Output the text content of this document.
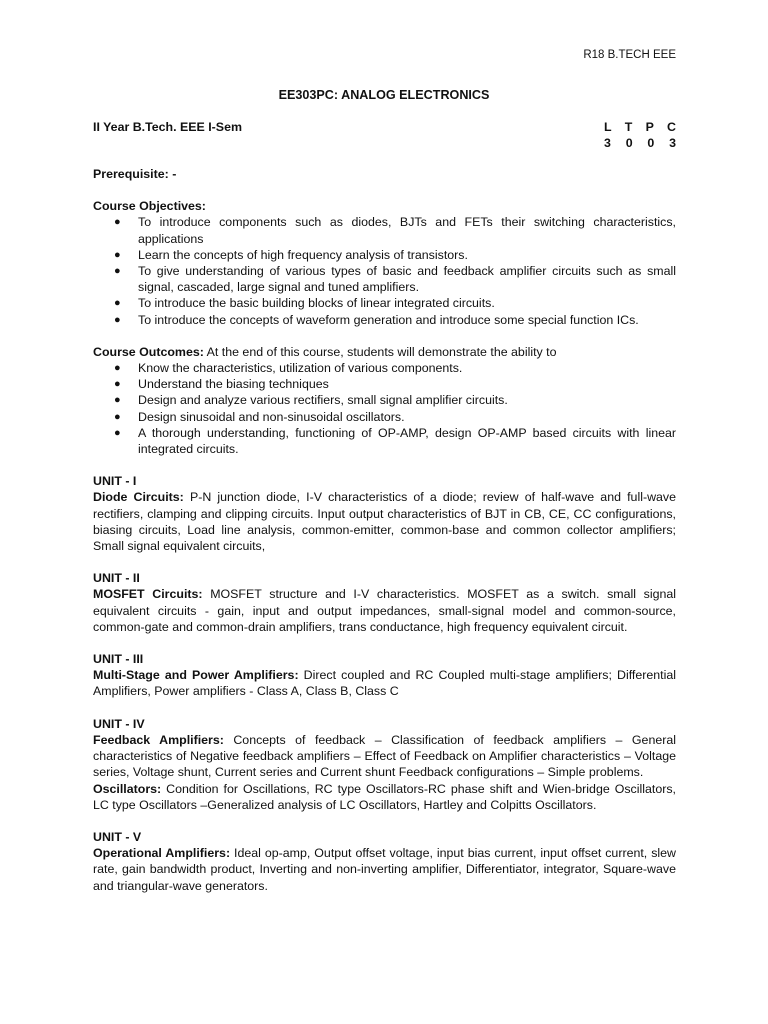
R18 B.TECH EEE
EE303PC: ANALOG ELECTRONICS
II Year B.Tech. EEE I-Sem	L T P C
3 0 0 3

Prerequisite: -

Course Objectives:

● To introduce components such as diodes, BJTs and FETs their switching characteristics, applications
● Learn the concepts of high frequency analysis of transistors.
● To give understanding of various types of basic and feedback amplifier circuits such as small signal, cascaded, large signal and tuned amplifiers.
● To introduce the basic building blocks of linear integrated circuits.
● To introduce the concepts of waveform generation and introduce some special function ICs.

Course Outcomes: At the end of this course, students will demonstrate the ability to

● Know the characteristics, utilization of various components.
● Understand the biasing techniques
● Design and analyze various rectifiers, small signal amplifier circuits.
● Design sinusoidal and non-sinusoidal oscillators.
● A thorough understanding, functioning of OP-AMP, design OP-AMP based circuits with linear integrated circuits.

UNIT - I

Diode Circuits: P-N junction diode, I-V characteristics of a diode; review of half-wave and full-wave rectifiers, clamping and clipping circuits. Input output characteristics of BJT in CB, CE, CC configurations, biasing circuits, Load line analysis, common-emitter, common-base and common collector amplifiers; Small signal equivalent circuits,

UNIT - II

MOSFET Circuits: MOSFET structure and I-V characteristics. MOSFET as a switch. small signal equivalent circuits - gain, input and output impedances, small-signal model and common-source, common-gate and common-drain amplifiers, trans conductance, high frequency equivalent circuit.

UNIT - III

Multi-Stage and Power Amplifiers: Direct coupled and RC Coupled multi-stage amplifiers; Differential Amplifiers, Power amplifiers - Class A, Class B, Class C

UNIT - IV

Feedback Amplifiers: Concepts of feedback – Classification of feedback amplifiers – General characteristics of Negative feedback amplifiers – Effect of Feedback on Amplifier characteristics – Voltage series, Voltage shunt, Current series and Current shunt Feedback configurations – Simple problems.

Oscillators: Condition for Oscillations, RC type Oscillators-RC phase shift and Wien-bridge Oscillators, LC type Oscillators –Generalized analysis of LC Oscillators, Hartley and Colpitts Oscillators.

UNIT - V

Operational Amplifiers: Ideal op-amp, Output offset voltage, input bias current, input offset current, slew rate, gain bandwidth product, Inverting and non-inverting amplifier, Differentiator, integrator, Square-wave and triangular-wave generators.
